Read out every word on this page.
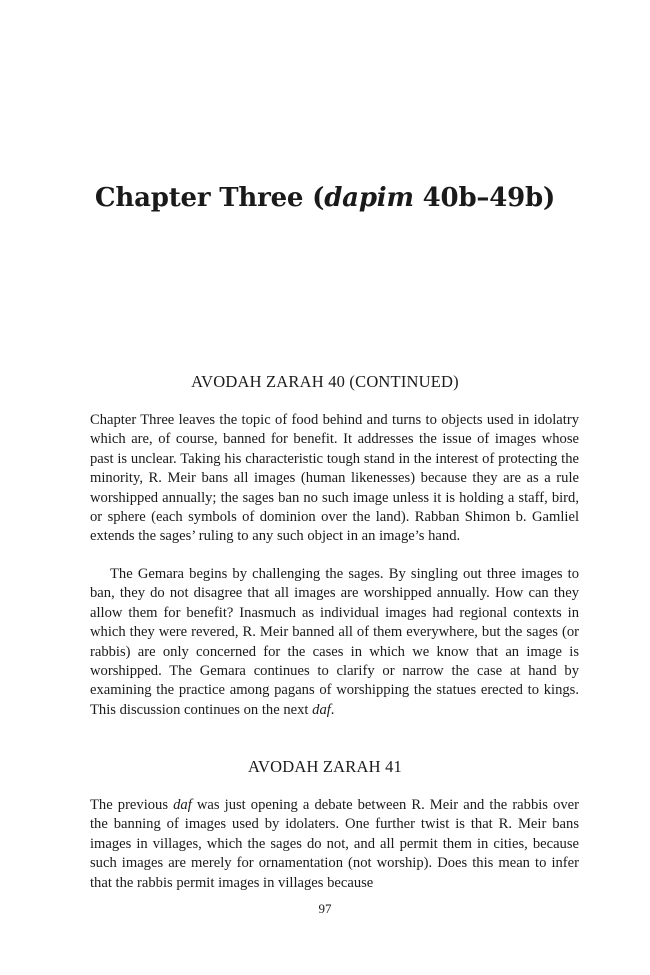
Chapter Three (dapim 40b–49b)
AVODAH ZARAH 40 (CONTINUED)

Chapter Three leaves the topic of food behind and turns to objects used in idolatry which are, of course, banned for benefit. It addresses the issue of images whose past is unclear. Taking his characteristic tough stand in the interest of protecting the minority, R. Meir bans all images (human likenesses) because they are as a rule worshipped annually; the sages ban no such image unless it is holding a staff, bird, or sphere (each symbols of dominion over the land). Rabban Shimon b. Gamliel extends the sages’ ruling to any such object in an image’s hand.

The Gemara begins by challenging the sages. By singling out three images to ban, they do not disagree that all images are worshipped annually. How can they allow them for benefit? Inasmuch as individual images had regional contexts in which they were revered, R. Meir banned all of them everywhere, but the sages (or rabbis) are only concerned for the cases in which we know that an image is worshipped. The Gemara continues to clarify or narrow the case at hand by examining the practice among pagans of worshipping the statues erected to kings. This discussion continues on the next daf.

AVODAH ZARAH 41

The previous daf was just opening a debate between R. Meir and the rabbis over the banning of images used by idolaters. One further twist is that R. Meir bans images in villages, which the sages do not, and all permit them in cities, because such images are merely for ornamentation (not worship). Does this mean to infer that the rabbis permit images in villages because

97
